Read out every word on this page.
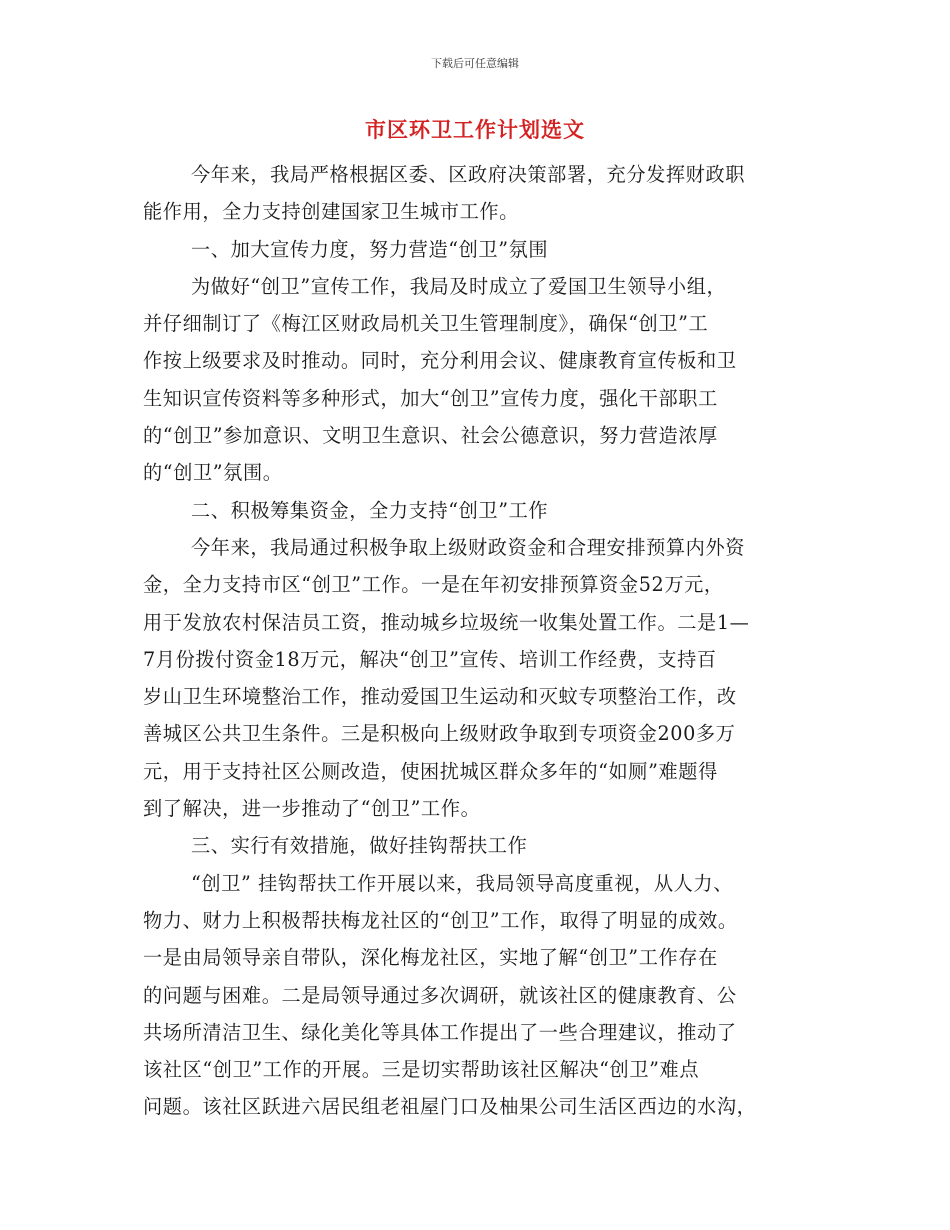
下载后可任意编辑
市区环卫工作计划选文
今年来，我局严格根据区委、区政府决策部署，充分发挥财政职
能作用，全力支持创建国家卫生城市工作。
一、加大宣传力度，努力营造“创卫”氛围
为做好“创卫”宣传工作，我局及时成立了爱国卫生领导小组，
并仔细制订了《梅江区财政局机关卫生管理制度》，确保“创卫”工
作按上级要求及时推动。同时，充分利用会议、健康教育宣传板和卫
生知识宣传资料等多种形式，加大“创卫”宣传力度，强化干部职工
的“创卫”参加意识、文明卫生意识、社会公德意识，努力营造浓厚
的“创卫”氛围。
二、积极筹集资金，全力支持“创卫”工作
今年来，我局通过积极争取上级财政资金和合理安排预算内外资
金，全力支持市区“创卫”工作。一是在年初安排预算资金52万元，
用于发放农村保洁员工资，推动城乡垃圾统一收集处置工作。二是1—
7月份拨付资金18万元，解决“创卫”宣传、培训工作经费，支持百
岁山卫生环境整治工作，推动爱国卫生运动和灭蚊专项整治工作，改
善城区公共卫生条件。三是积极向上级财政争取到专项资金200多万
元，用于支持社区公厕改造，使困扰城区群众多年的“如厕”难题得
到了解决，进一步推动了“创卫”工作。
三、实行有效措施，做好挂钩帮扶工作
“创卫” 挂钩帮扶工作开展以来，我局领导高度重视，从人力、
物力、财力上积极帮扶梅龙社区的“创卫”工作，取得了明显的成效。
一是由局领导亲自带队，深化梅龙社区，实地了解“创卫”工作存在
的问题与困难。二是局领导通过多次调研，就该社区的健康教育、公
共场所清洁卫生、绿化美化等具体工作提出了一些合理建议，推动了
该社区“创卫”工作的开展。三是切实帮助该社区解决“创卫”难点
问题。该社区跃进六居民组老祖屋门口及柚果公司生活区西边的水沟，
